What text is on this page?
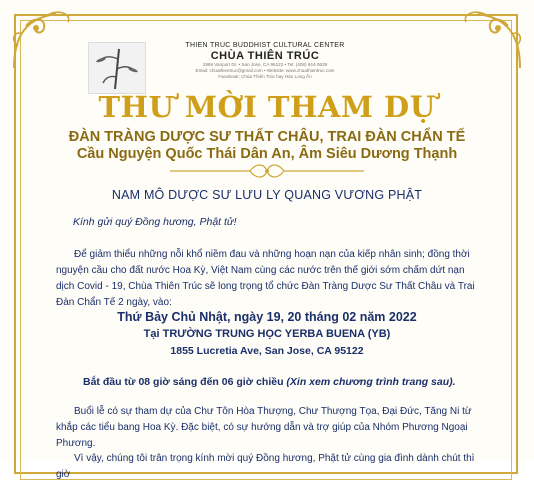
THIEN TRUC BUDDHIST CULTURAL CENTER
CHÙA THIÊN TRÚC
2999 Vanport Dr. • San Jose, CA 95122 • Tel: (408) 844-0639
Email: chuathientruc@gmail.com • Website: www.chuathientruc.com
Facebook: Chùa Thiên Trúc hay Hán Long Ấn
THƯ MỜI THAM DỰ
ĐÀN TRÀNG DƯỢC SƯ THẤT CHÂU, TRAI ĐÀN CHẨN TẾ
Cầu Nguyện Quốc Thái Dân An, Âm Siêu Dương Thạnh
NAM MÔ DƯỢC SƯ LƯU LY QUANG VƯƠNG PHẬT
Kính gửi quý Đồng hương, Phật tử!
Để giảm thiểu những nỗi khổ niềm đau và những hoạn nạn của kiếp nhân sinh; đồng thời nguyện cầu cho đất nước Hoa Kỳ, Việt Nam cùng các nước trên thế giới sớm chấm dứt nạn dịch Covid - 19, Chùa Thiên Trúc sẽ long trọng tổ chức Đàn Tràng Dược Sư Thất Châu và Trai Đàn Chẩn Tế 2 ngày, vào:
Thứ Bảy Chủ Nhật, ngày 19, 20 tháng 02 năm 2022
Tại TRƯỜNG TRUNG HỌC YERBA BUENA (YB)
1855 Lucretia Ave, San Jose, CA 95122
Bắt đầu từ 08 giờ sáng đến 06 giờ chiều (Xin xem chương trình trang sau).
Buổi lễ có sự tham dự của Chư Tôn Hòa Thượng, Chư Thượng Tọa, Đại Đức, Tăng Ni từ khắp các tiểu bang Hoa Kỳ. Đặc biệt, có sự hướng dẫn và trợ giúp của Nhóm Phương Ngoại Phương.
Vì vậy, chúng tôi trân trọng kính mời quý Đồng hương, Phật tử cùng gia đình dành chút thì giờ
